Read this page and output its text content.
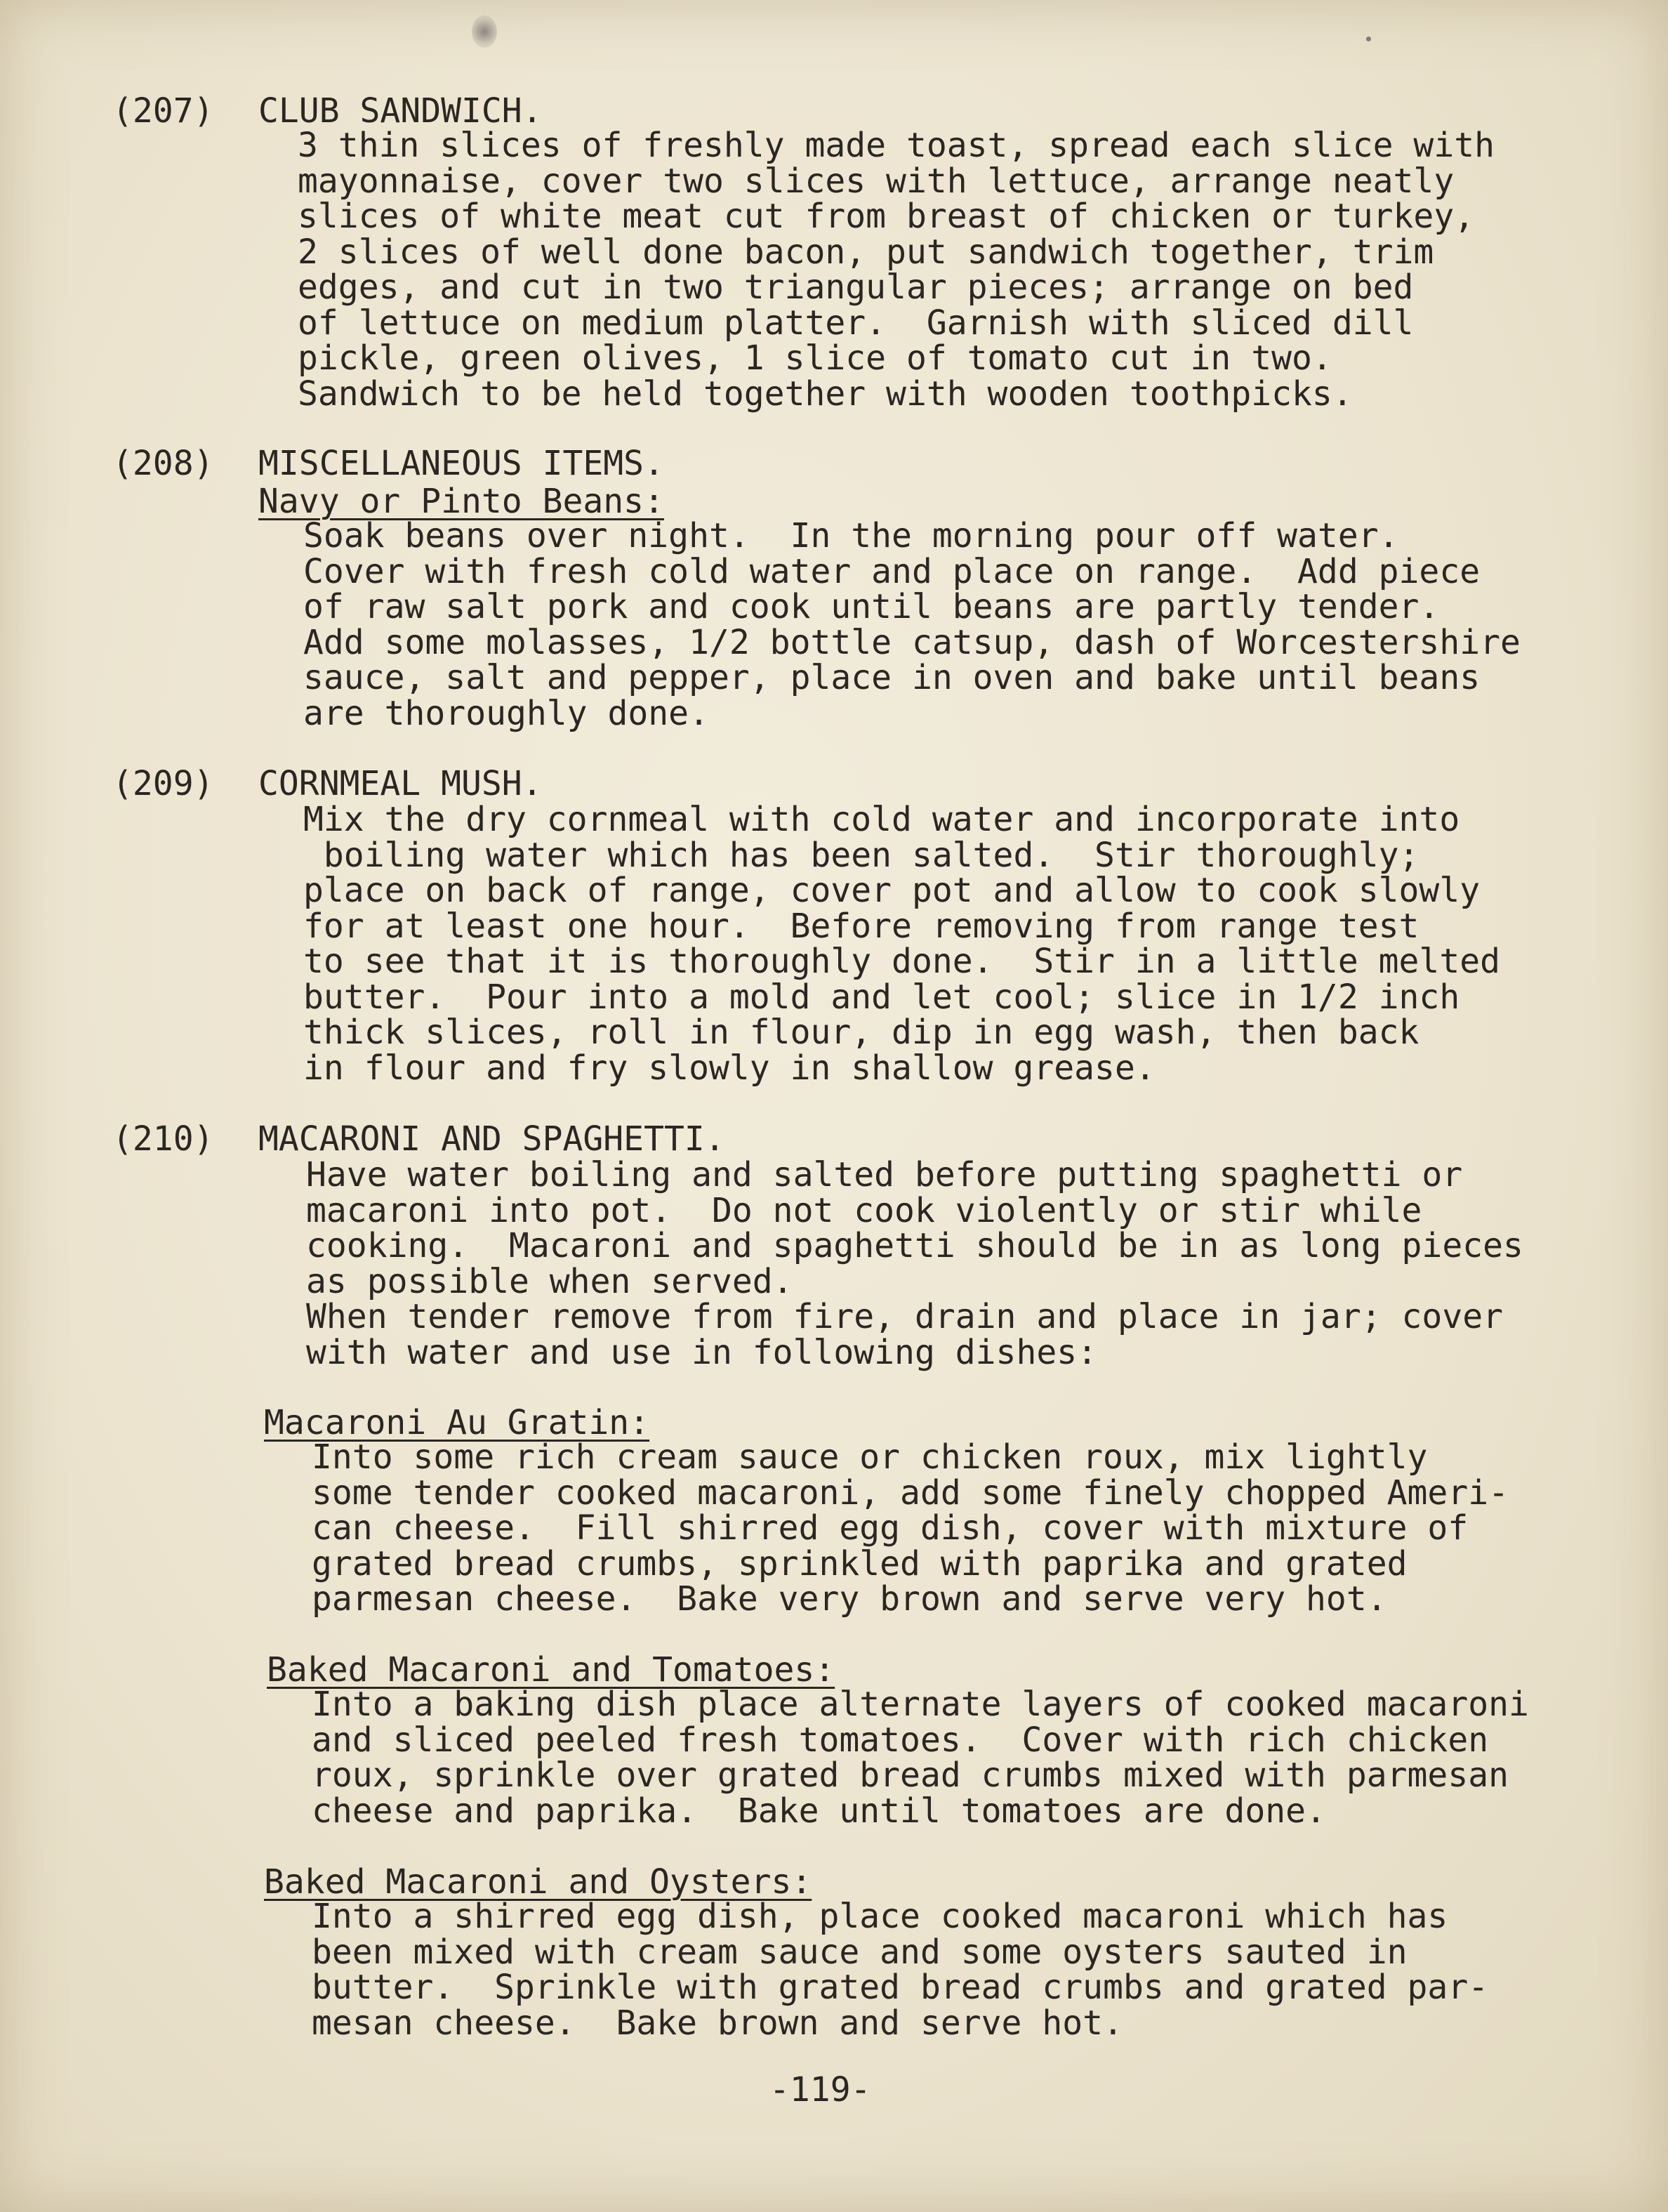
(207) CLUB SANDWICH.
3 thin slices of freshly made toast, spread each slice with
mayonnaise, cover two slices with lettuce, arrange neatly
slices of white meat cut from breast of chicken or turkey,
2 slices of well done bacon, put sandwich together, trim
edges, and cut in two triangular pieces; arrange on bed
of lettuce on medium platter.  Garnish with sliced dill
pickle, green olives, 1 slice of tomato cut in two.
Sandwich to be held together with wooden toothpicks.
(208) MISCELLANEOUS ITEMS.
Navy or Pinto Beans:
Soak beans over night.  In the morning pour off water.
Cover with fresh cold water and place on range.  Add piece
of raw salt pork and cook until beans are partly tender.
Add some molasses, 1/2 bottle catsup, dash of Worcestershire
sauce, salt and pepper, place in oven and bake until beans
are thoroughly done.
(209) CORNMEAL MUSH.
Mix the dry cornmeal with cold water and incorporate into
boiling water which has been salted.  Stir thoroughly;
place on back of range, cover pot and allow to cook slowly
for at least one hour.  Before removing from range test
to see that it is thoroughly done.  Stir in a little melted
butter.  Pour into a mold and let cool; slice in 1/2 inch
thick slices, roll in flour, dip in egg wash, then back
in flour and fry slowly in shallow grease.
(210) MACARONI AND SPAGHETTI.
Have water boiling and salted before putting spaghetti or
macaroni into pot.  Do not cook violently or stir while
cooking.  Macaroni and spaghetti should be in as long pieces
as possible when served.
When tender remove from fire, drain and place in jar; cover
with water and use in following dishes:
Macaroni Au Gratin:
Into some rich cream sauce or chicken roux, mix lightly
some tender cooked macaroni, add some finely chopped Ameri-
can cheese.  Fill shirred egg dish, cover with mixture of
grated bread crumbs, sprinkled with paprika and grated
parmesan cheese.  Bake very brown and serve very hot.
Baked Macaroni and Tomatoes:
Into a baking dish place alternate layers of cooked macaroni
and sliced peeled fresh tomatoes.  Cover with rich chicken
roux, sprinkle over grated bread crumbs mixed with parmesan
cheese and paprika.  Bake until tomatoes are done.
Baked Macaroni and Oysters:
Into a shirred egg dish, place cooked macaroni which has
been mixed with cream sauce and some oysters sauted in
butter.  Sprinkle with grated bread crumbs and grated par-
mesan cheese.  Bake brown and serve hot.
-119-
